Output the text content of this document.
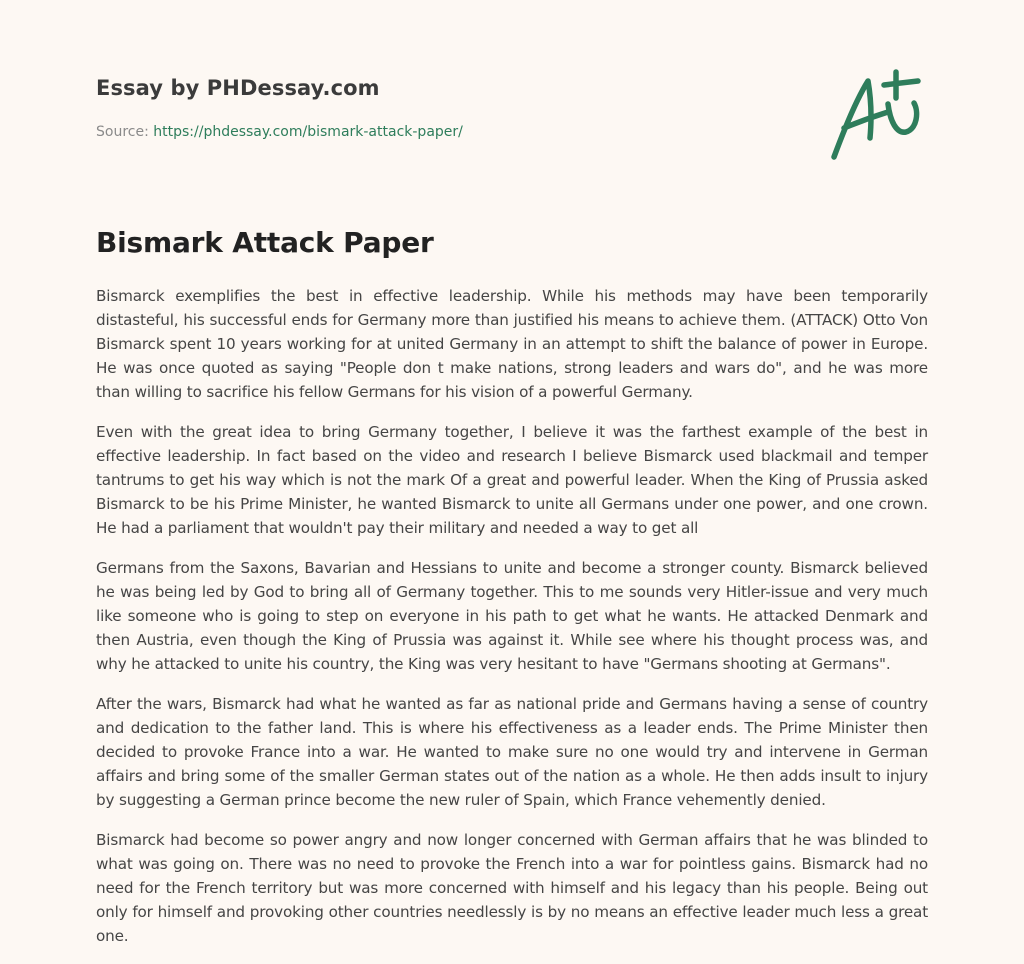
Essay by PHDessay.com
Source: https://phdessay.com/bismark-attack-paper/
Bismark Attack Paper

Bismarck exemplifies the best in effective leadership. While his methods may have been temporarily distasteful, his successful ends for Germany more than justified his means to achieve them. (ATTACK) Otto Von Bismarck spent 10 years working for at united Germany in an attempt to shift the balance of power in Europe. He was once quoted as saying "People don t make nations, strong leaders and wars do", and he was more than willing to sacrifice his fellow Germans for his vision of a powerful Germany.

Even with the great idea to bring Germany together, I believe it was the farthest example of the best in effective leadership. In fact based on the video and research I believe Bismarck used blackmail and temper tantrums to get his way which is not the mark Of a great and powerful leader. When the King of Prussia asked Bismarck to be his Prime Minister, he wanted Bismarck to unite all Germans under one power, and one crown. He had a parliament that wouldn't pay their military and needed a way to get all

Germans from the Saxons, Bavarian and Hessians to unite and become a stronger county. Bismarck believed he was being led by God to bring all of Germany together. This to me sounds very Hitler-issue and very much like someone who is going to step on everyone in his path to get what he wants. He attacked Denmark and then Austria, even though the King of Prussia was against it. While see where his thought process was, and why he attacked to unite his country, the King was very hesitant to have "Germans shooting at Germans".

After the wars, Bismarck had what he wanted as far as national pride and Germans having a sense of country and dedication to the father land. This is where his effectiveness as a leader ends. The Prime Minister then decided to provoke France into a war. He wanted to make sure no one would try and intervene in German affairs and bring some of the smaller German states out of the nation as a whole. He then adds insult to injury by suggesting a German prince become the new ruler of Spain, which France vehemently denied.

Bismarck had become so power angry and now longer concerned with German affairs that he was blinded to what was going on. There was no need to provoke the French into a war for pointless gains. Bismarck had no need for the French territory but was more concerned with himself and his legacy than his people. Being out only for himself and provoking other countries needlessly is by no means an effective leader much less a great one.
